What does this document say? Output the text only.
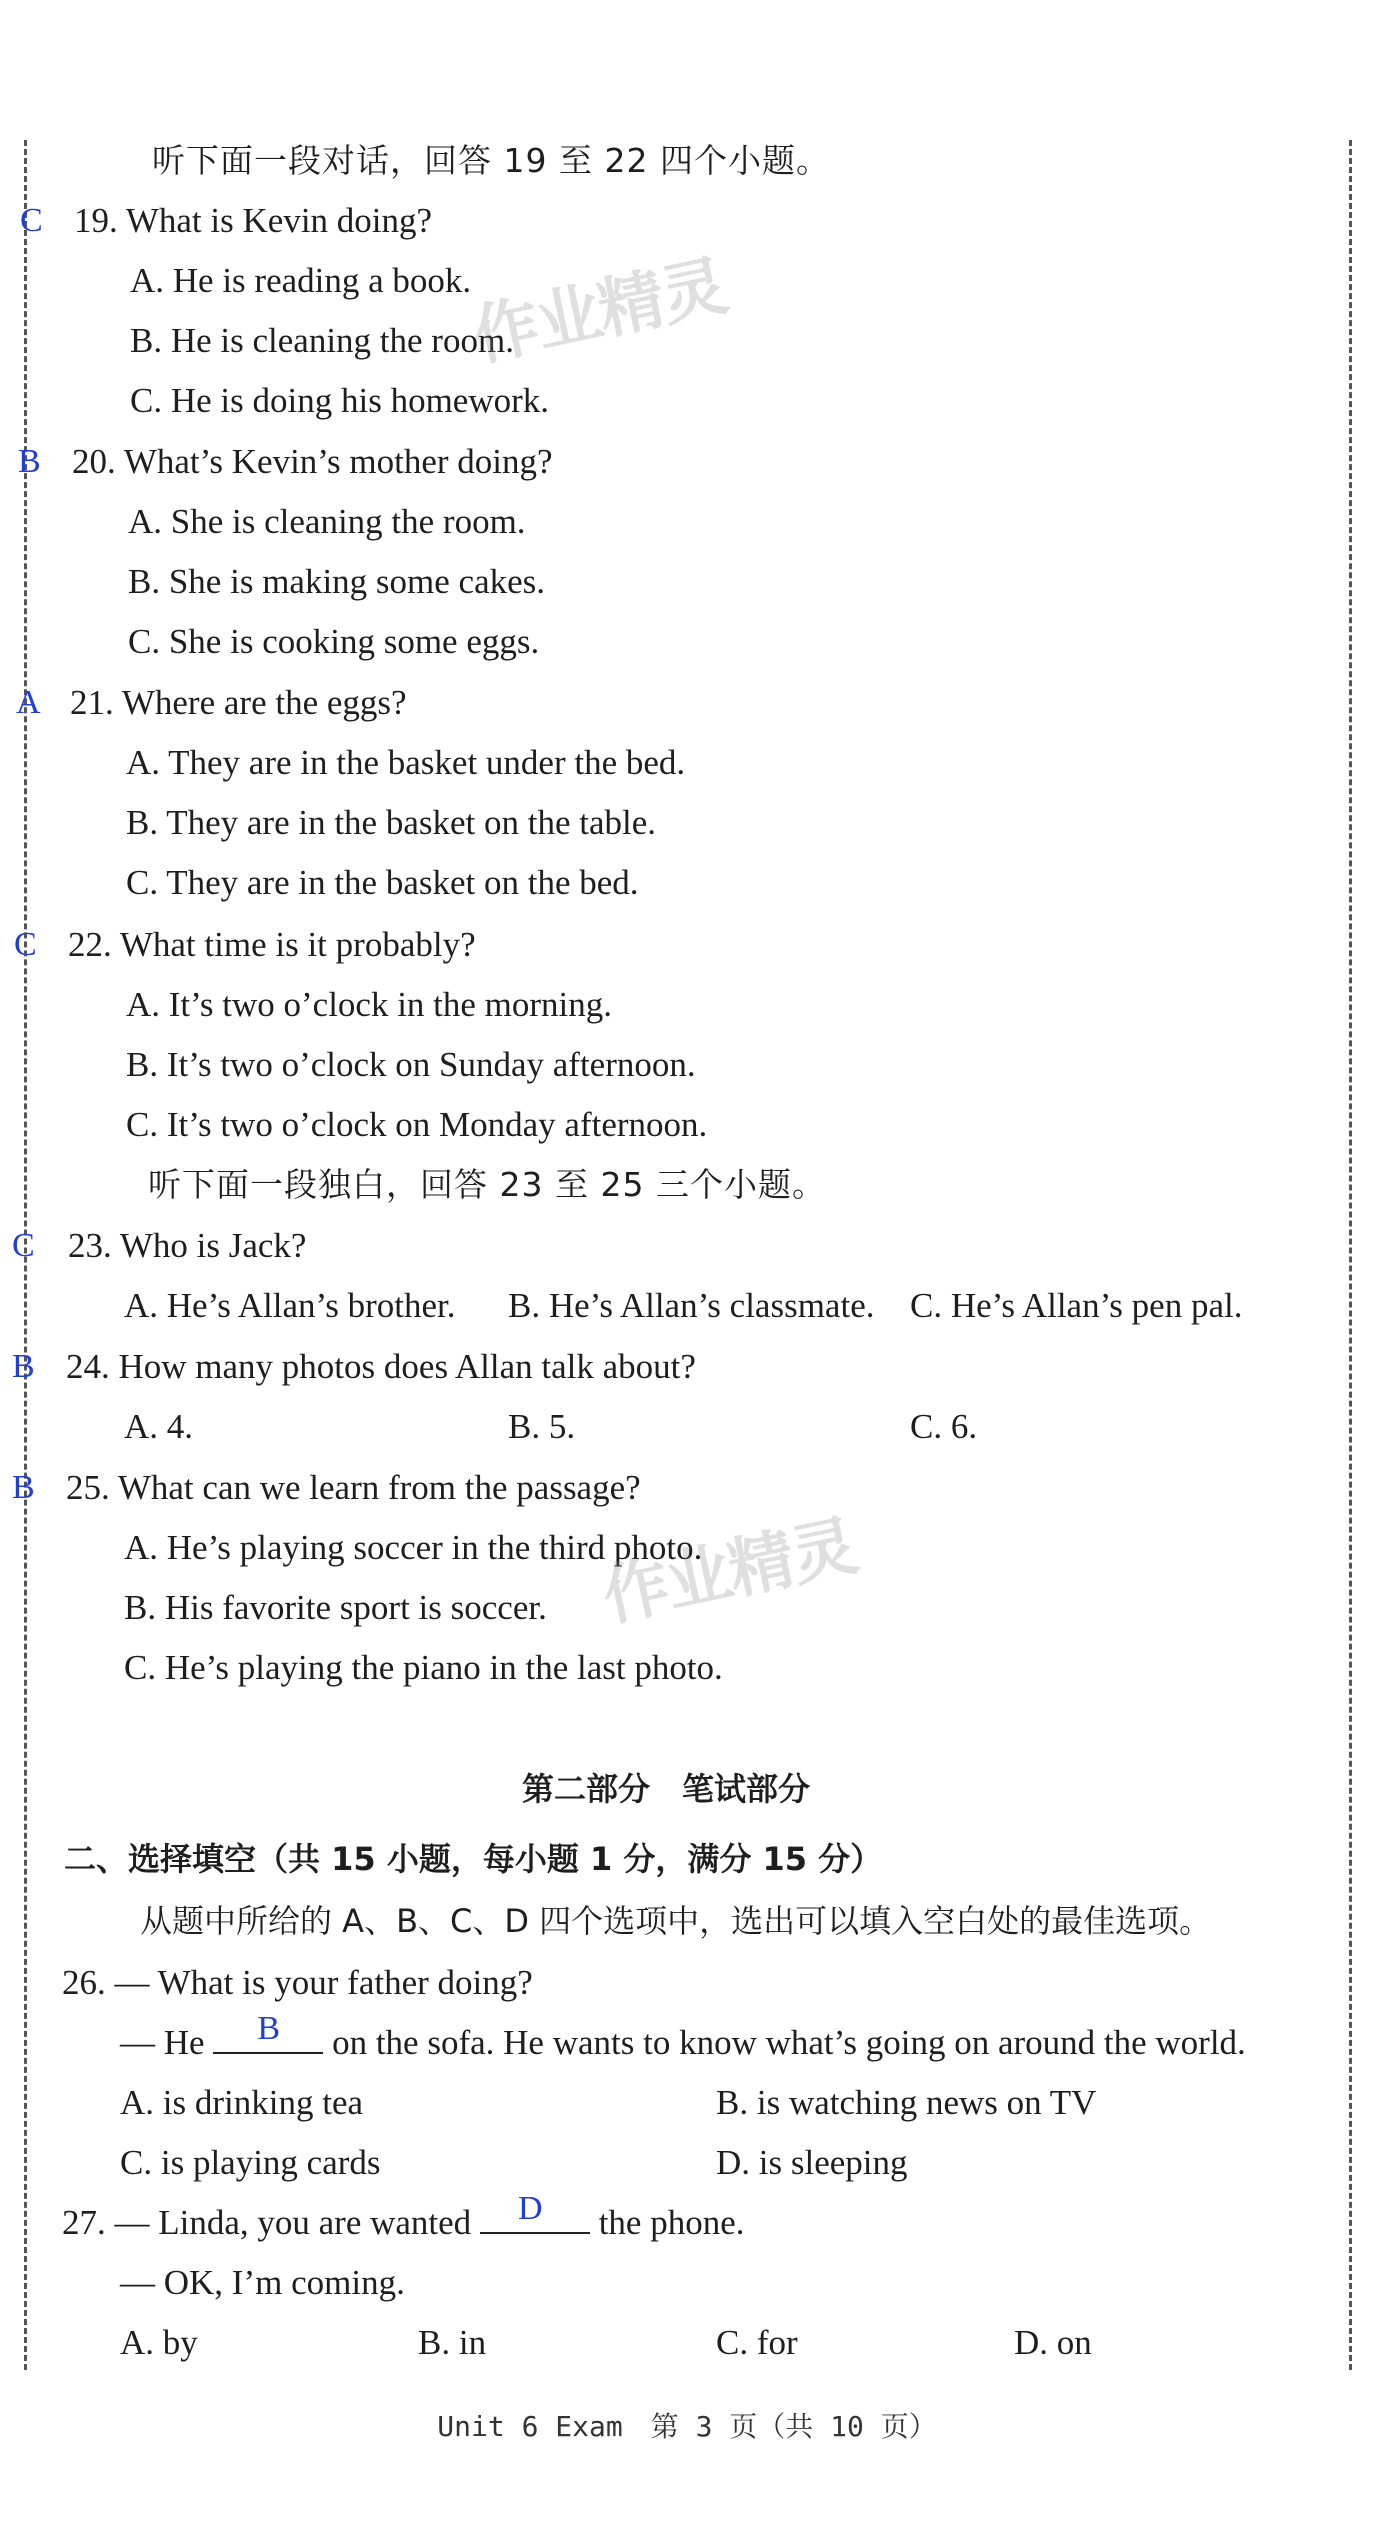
听下面一段对话，回答 19 至 22 四个小题。
C 19. What is Kevin doing?
A. He is reading a book.
B. He is cleaning the room.
C. He is doing his homework.
B 20. What’s Kevin’s mother doing?
A. She is cleaning the room.
B. She is making some cakes.
C. She is cooking some eggs.
A 21. Where are the eggs?
A. They are in the basket under the bed.
B. They are in the basket on the table.
C. They are in the basket on the bed.
C 22. What time is it probably?
A. It’s two o’clock in the morning.
B. It’s two o’clock on Sunday afternoon.
C. It’s two o’clock on Monday afternoon.
听下面一段独白，回答 23 至 25 三个小题。
C 23. Who is Jack?
A. He’s Allan’s brother. B. He’s Allan’s classmate. C. He’s Allan’s pen pal.
B 24. How many photos does Allan talk about?
A. 4.	B. 5.	C. 6.
B 25. What can we learn from the passage?
A. He’s playing soccer in the third photo.
B. His favorite sport is soccer.
C. He’s playing the piano in the last photo.
第二部分　笔试部分
二、选择填空（共 15 小题，每小题 1 分，满分 15 分）
从题中所给的 A、B、C、D 四个选项中，选出可以填入空白处的最佳选项。
26. — What is your father doing?
— He B on the sofa. He wants to know what’s going on around the world.
A. is drinking tea	B. is watching news on TV
C. is playing cards	D. is sleeping
27. — Linda, you are wanted D the phone.
— OK, I’m coming.
A. by	B. in	C. for	D. on
作业精灵
作业精灵
Unit 6 Exam　第 3 页（共 10 页）
